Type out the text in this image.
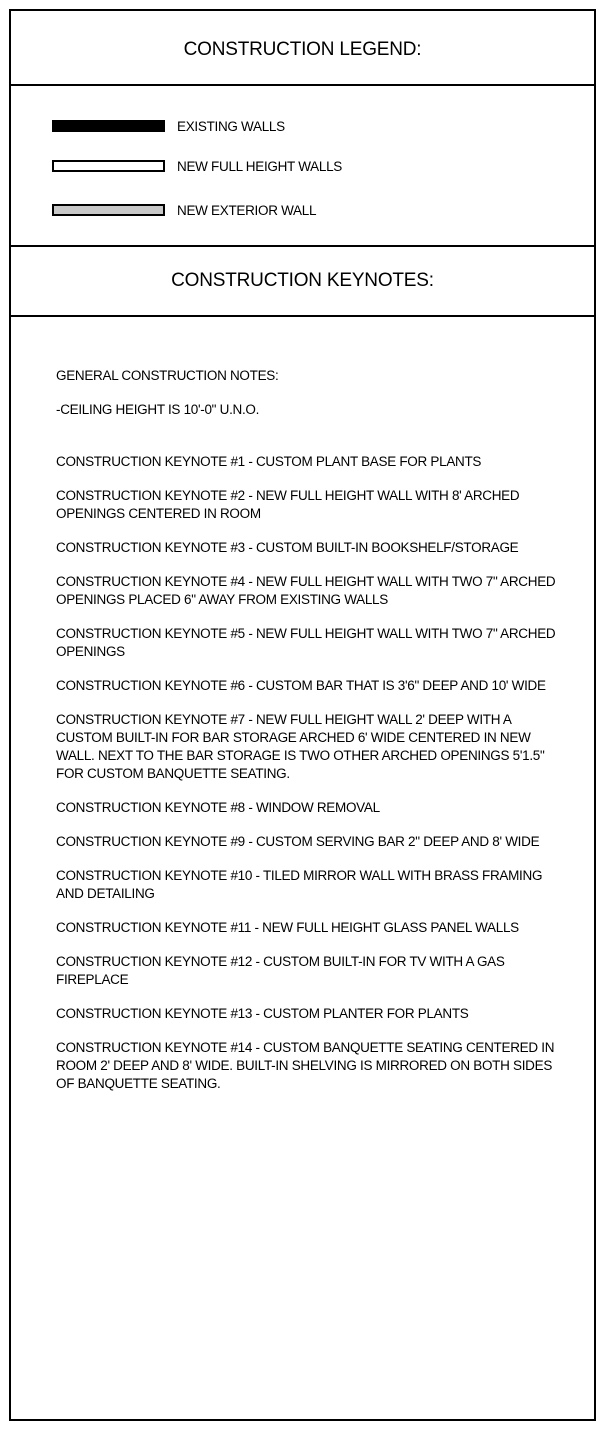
CONSTRUCTION LEGEND:
EXISTING WALLS
NEW FULL HEIGHT WALLS
NEW EXTERIOR WALL
CONSTRUCTION KEYNOTES:

GENERAL CONSTRUCTION NOTES:

-CEILING HEIGHT IS 10'-0" U.N.O.

CONSTRUCTION KEYNOTE #1 - CUSTOM PLANT BASE FOR PLANTS

CONSTRUCTION KEYNOTE #2 - NEW FULL HEIGHT WALL WITH 8' ARCHED OPENINGS CENTERED IN ROOM

CONSTRUCTION KEYNOTE #3 - CUSTOM BUILT-IN BOOKSHELF/STORAGE

CONSTRUCTION KEYNOTE #4 - NEW FULL HEIGHT WALL WITH TWO 7" ARCHED OPENINGS PLACED 6" AWAY FROM EXISTING WALLS

CONSTRUCTION KEYNOTE #5 - NEW FULL HEIGHT WALL WITH TWO 7" ARCHED OPENINGS

CONSTRUCTION KEYNOTE #6 - CUSTOM BAR THAT IS 3'6" DEEP AND 10' WIDE

CONSTRUCTION KEYNOTE #7 - NEW FULL HEIGHT WALL 2' DEEP WITH A CUSTOM BUILT-IN FOR BAR STORAGE ARCHED 6' WIDE CENTERED IN NEW WALL. NEXT TO THE BAR STORAGE IS TWO OTHER ARCHED OPENINGS 5'1.5" FOR CUSTOM BANQUETTE SEATING.

CONSTRUCTION KEYNOTE #8 - WINDOW REMOVAL

CONSTRUCTION KEYNOTE #9 - CUSTOM SERVING BAR 2" DEEP AND 8' WIDE

CONSTRUCTION KEYNOTE #10 - TILED MIRROR WALL WITH BRASS FRAMING AND DETAILING

CONSTRUCTION KEYNOTE #11 - NEW FULL HEIGHT GLASS PANEL WALLS

CONSTRUCTION KEYNOTE #12 - CUSTOM BUILT-IN FOR TV WITH A GAS FIREPLACE

CONSTRUCTION KEYNOTE #13 - CUSTOM PLANTER FOR PLANTS

CONSTRUCTION KEYNOTE #14 - CUSTOM BANQUETTE SEATING CENTERED IN ROOM 2' DEEP AND 8' WIDE. BUILT-IN SHELVING IS MIRRORED ON BOTH SIDES OF BANQUETTE SEATING.
